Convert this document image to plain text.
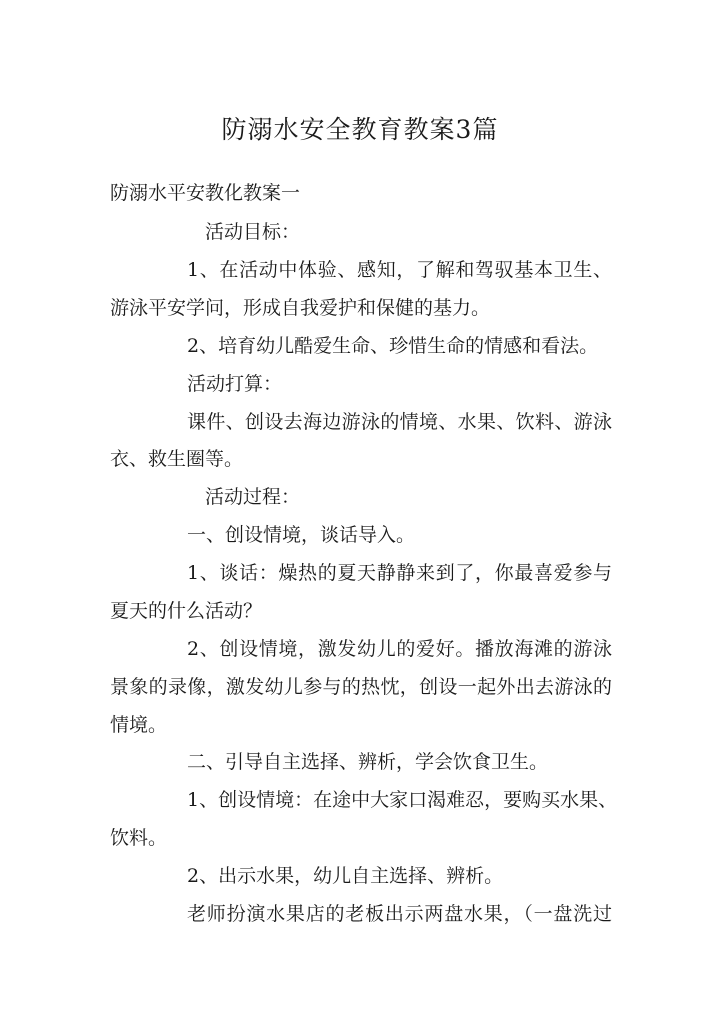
防溺水安全教育教案3篇
防溺水平安教化教案一
活动目标：
1、在活动中体验、感知，了解和驾驭基本卫生、
游泳平安学问，形成自我爱护和保健的基力。
2、培育幼儿酷爱生命、珍惜生命的情感和看法。
活动打算：
课件、创设去海边游泳的情境、水果、饮料、游泳
衣、救生圈等。
活动过程：
一、创设情境，谈话导入。
1、谈话：燥热的夏天静静来到了，你最喜爱参与
夏天的什么活动？
2、创设情境，激发幼儿的爱好。播放海滩的游泳
景象的录像，激发幼儿参与的热忱，创设一起外出去游泳的
情境。
二、引导自主选择、辨析，学会饮食卫生。
1、创设情境：在途中大家口渴难忍，要购买水果、
饮料。
2、出示水果，幼儿自主选择、辨析。
老师扮演水果店的老板出示两盘水果，（一盘洗过
